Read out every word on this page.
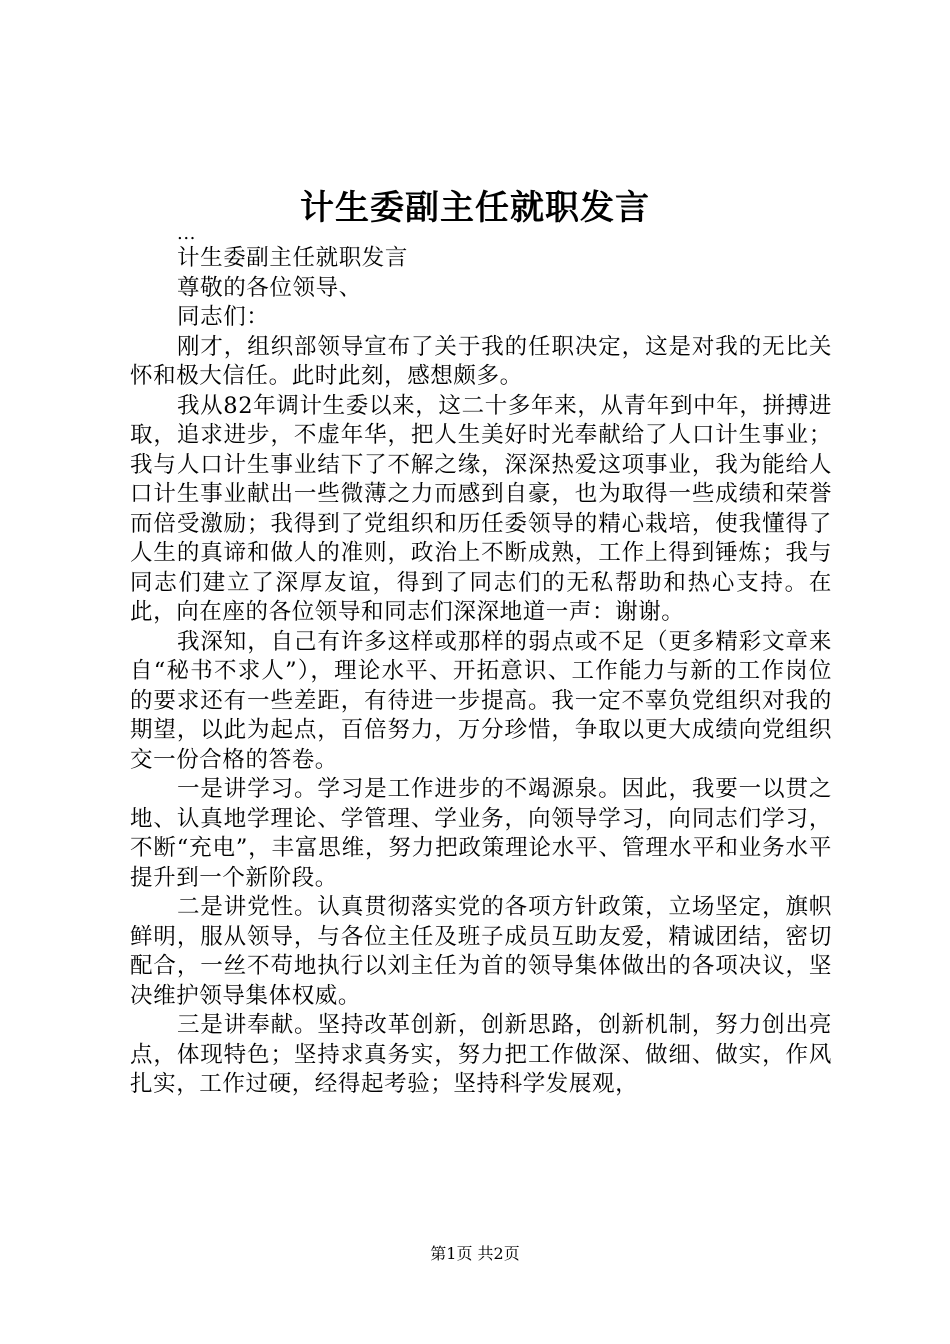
计生委副主任就职发言

...

计生委副主任就职发言

尊敬的各位领导、

同志们：

刚才，组织部领导宣布了关于我的任职决定，这是对我的无比关怀和极大信任。此时此刻，感想颇多。

我从82年调计生委以来，这二十多年来，从青年到中年，拼搏进取，追求进步，不虚年华，把人生美好时光奉献给了人口计生事业；我与人口计生事业结下了不解之缘，深深热爱这项事业，我为能给人口计生事业献出一些微薄之力而感到自豪，也为取得一些成绩和荣誉而倍受激励；我得到了党组织和历任委领导的精心栽培，使我懂得了人生的真谛和做人的准则，政治上不断成熟，工作上得到锤炼；我与同志们建立了深厚友谊，得到了同志们的无私帮助和热心支持。在此，向在座的各位领导和同志们深深地道一声：谢谢。

我深知，自己有许多这样或那样的弱点或不足（更多精彩文章来自“秘书不求人”），理论水平、开拓意识、工作能力与新的工作岗位的要求还有一些差距，有待进一步提高。我一定不辜负党组织对我的期望，以此为起点，百倍努力，万分珍惜，争取以更大成绩向党组织交一份合格的答卷。

一是讲学习。学习是工作进步的不竭源泉。因此，我要一以贯之地、认真地学理论、学管理、学业务，向领导学习，向同志们学习，不断“充电”，丰富思维，努力把政策理论水平、管理水平和业务水平提升到一个新阶段。

二是讲党性。认真贯彻落实党的各项方针政策，立场坚定，旗帜鲜明，服从领导，与各位主任及班子成员互助友爱，精诚团结，密切配合，一丝不苟地执行以刘主任为首的领导集体做出的各项决议，坚决维护领导集体权威。

三是讲奉献。坚持改革创新，创新思路，创新机制，努力创出亮点，体现特色；坚持求真务实，努力把工作做深、做细、做实，作风扎实，工作过硬，经得起考验；坚持科学发展观，

第1页 共2页
